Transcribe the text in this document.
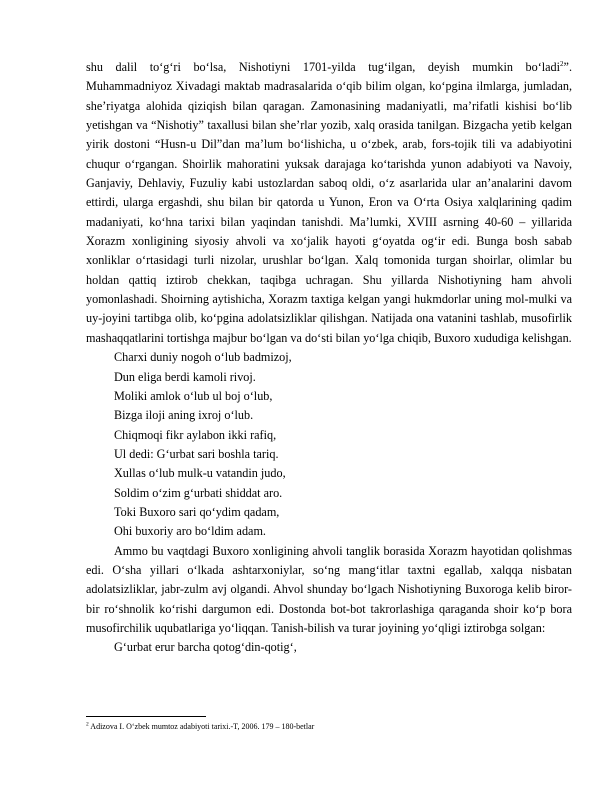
shu dalil to‘g‘ri bo‘lsa, Nishotiyni 1701-yilda tug‘ilgan, deyish mumkin bo‘ladi$^2$”. Muhammadniyoz Xivadagi maktab madrasalarida o‘qib bilim olgan, ko‘pgina ilmlarga, jumladan, she’riyatga alohida qiziqish bilan qaragan. Zamonasining madaniyatli, ma’rifatli kishisi bo‘lib yetishgan va “Nishotiy” taxallusi bilan she’rlar yozib, xalq orasida tanilgan. Bizgacha yetib kelgan yirik dostoni “Husn-u Dil”dan ma’lum bo‘lishicha, u o‘zbek, arab, fors-tojik tili va adabiyotini chuqur o‘rgangan. Shoirlik mahoratini yuksak darajaga ko‘tarishda yunon adabiyoti va Navoiy, Ganjaviy, Dehlaviy, Fuzuliy kabi ustozlardan saboq oldi, o‘z asarlarida ular an’analarini davom ettirdi, ularga ergashdi, shu bilan bir qatorda u Yunon, Eron va O‘rta Osiya xalqlarining qadim madaniyati, ko‘hna tarixi bilan yaqindan tanishdi. Ma’lumki, XVIII asrning 40-60 – yillarida Xorazm xonligining siyosiy ahvoli va xo‘jalik hayoti g‘oyatda og‘ir edi. Bunga bosh sabab xonliklar o‘rtasidagi turli nizolar, urushlar bo‘lgan. Xalq tomonida turgan shoirlar, olimlar bu holdan qattiq iztirob chekkan, taqibga uchragan. Shu yillarda Nishotiyning ham ahvoli yomonlashadi. Shoirning aytishicha, Xorazm taxtiga kelgan yangi hukmdorlar uning mol-mulki va uy-joyini tartibga olib, ko‘pgina adolatsizliklar qilishgan. Natijada ona vatanini tashlab, musofirlik mashaqqatlarini tortishga majbur bo‘lgan va do‘sti bilan yo‘lga chiqib, Buxoro xududiga kelishgan.

Charxi duniy nogoh o‘lub badmizoj,

Dun eliga berdi kamoli rivoj.

Moliki amlok o‘lub ul boj o‘lub,

Bizga iloji aning ixroj o‘lub.

Chiqmoqi fikr aylabon ikki rafiq,

Ul dedi: G‘urbat sari boshla tariq.

Xullas o‘lub mulk-u vatandin judo,

Soldim o‘zim g‘urbati shiddat aro.

Toki Buxoro sari qo‘ydim qadam,

Ohi buxoriy aro bo‘ldim adam.

Ammo bu vaqtdagi Buxoro xonligining ahvoli tanglik borasida Xorazm hayotidan qolishmas edi. O‘sha yillari o‘lkada ashtarxoniylar, so‘ng mang‘itlar taxtni egallab, xalqqa nisbatan adolatsizliklar, jabr-zulm avj olgandi. Ahvol shunday bo‘lgach Nishotiyning Buxoroga kelib biror-bir ro‘shnolik ko‘rishi dargumon edi. Dostonda bot-bot takrorlashiga qaraganda shoir ko‘p bora musofirchilik uqubatlariga yo‘liqqan. Tanish-bilish va turar joyining yo‘qligi iztirobga solgan:

G‘urbat erur barcha qotog‘din-qotig‘,

$^2$ Adizova I. O‘zbek mumtoz adabiyoti tarixi.-T, 2006. 179 – 180-betlar
